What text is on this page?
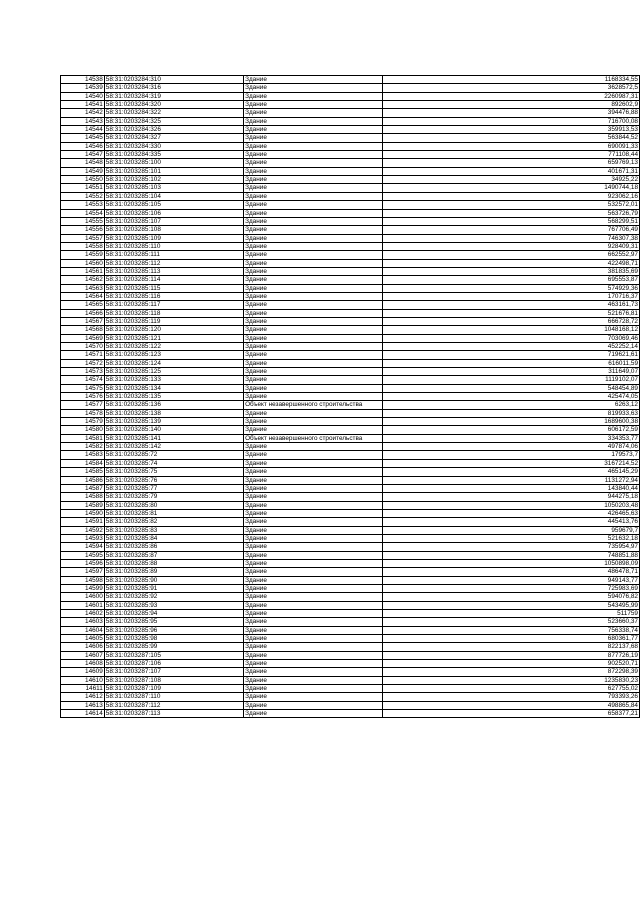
14538	58:31:0203284:310	Здание	1168334,55
14539	58:31:0203284:316	Здание	3628572,5
14540	58:31:0203284:319	Здание	2260987,31
14541	58:31:0203284:320	Здание	892602,9
14542	58:31:0203284:322	Здание	394476,88
14543	58:31:0203284:325	Здание	716700,08
14544	58:31:0203284:326	Здание	359913,53
14545	58:31:0203284:327	Здание	563844,52
14546	58:31:0203284:330	Здание	690091,33
14547	58:31:0203284:335	Здание	771108,44
14548	58:31:0203285:100	Здание	659769,13
14549	58:31:0203285:101	Здание	401671,31
14550	58:31:0203285:102	Здание	34925,22
14551	58:31:0203285:103	Здание	1490744,18
14552	58:31:0203285:104	Здание	923062,16
14553	58:31:0203285:105	Здание	532572,01
14554	58:31:0203285:106	Здание	563726,79
14555	58:31:0203285:107	Здание	568299,51
14556	58:31:0203285:108	Здание	767706,49
14557	58:31:0203285:109	Здание	746307,38
14558	58:31:0203285:110	Здание	928409,31
14559	58:31:0203285:111	Здание	662552,97
14560	58:31:0203285:112	Здание	422498,71
14561	58:31:0203285:113	Здание	381835,69
14562	58:31:0203285:114	Здание	695553,87
14563	58:31:0203285:115	Здание	574929,36
14564	58:31:0203285:116	Здание	170716,37
14565	58:31:0203285:117	Здание	463161,73
14566	58:31:0203285:118	Здание	521676,81
14567	58:31:0203285:119	Здание	666728,72
14568	58:31:0203285:120	Здание	1048168,12
14569	58:31:0203285:121	Здание	703069,46
14570	58:31:0203285:122	Здание	452252,14
14571	58:31:0203285:123	Здание	719621,61
14572	58:31:0203285:124	Здание	616011,59
14573	58:31:0203285:125	Здание	311649,07
14574	58:31:0203285:133	Здание	1119102,07
14575	58:31:0203285:134	Здание	548454,89
14576	58:31:0203285:135	Здание	425474,05
14577	58:31:0203285:136	Объект незавершенного строительства	6263,12
14578	58:31:0203285:138	Здание	819933,63
14579	58:31:0203285:139	Здание	1689600,38
14580	58:31:0203285:140	Здание	606172,59
14581	58:31:0203285:141	Объект незавершенного строительства	334353,77
14582	58:31:0203285:142	Здание	497874,06
14583	58:31:0203285:72	Здание	179573,7
14584	58:31:0203285:74	Здание	3167214,52
14585	58:31:0203285:75	Здание	465145,29
14586	58:31:0203285:76	Здание	1131272,94
14587	58:31:0203285:77	Здание	143840,44
14588	58:31:0203285:79	Здание	944275,18
14589	58:31:0203285:80	Здание	1050203,48
14590	58:31:0203285:81	Здание	426465,63
14591	58:31:0203285:82	Здание	445413,76
14592	58:31:0203285:83	Здание	959679,7
14593	58:31:0203285:84	Здание	521632,18
14594	58:31:0203285:86	Здание	735954,97
14595	58:31:0203285:87	Здание	748851,88
14596	58:31:0203285:88	Здание	1050898,09
14597	58:31:0203285:89	Здание	486478,71
14598	58:31:0203285:90	Здание	949143,77
14599	58:31:0203285:91	Здание	725983,69
14600	58:31:0203285:92	Здание	594076,82
14601	58:31:0203285:93	Здание	543495,99
14602	58:31:0203285:94	Здание	511759
14603	58:31:0203285:95	Здание	523660,37
14604	58:31:0203285:96	Здание	756338,74
14605	58:31:0203285:98	Здание	680361,77
14606	58:31:0203285:99	Здание	822137,68
14607	58:31:0203287:105	Здание	877726,19
14608	58:31:0203287:106	Здание	902520,71
14609	58:31:0203287:107	Здание	872298,39
14610	58:31:0203287:108	Здание	1235830,23
14611	58:31:0203287:109	Здание	627755,02
14612	58:31:0203287:110	Здание	793393,26
14613	58:31:0203287:112	Здание	498865,84
14614	58:31:0203287:113	Здание	658377,21
